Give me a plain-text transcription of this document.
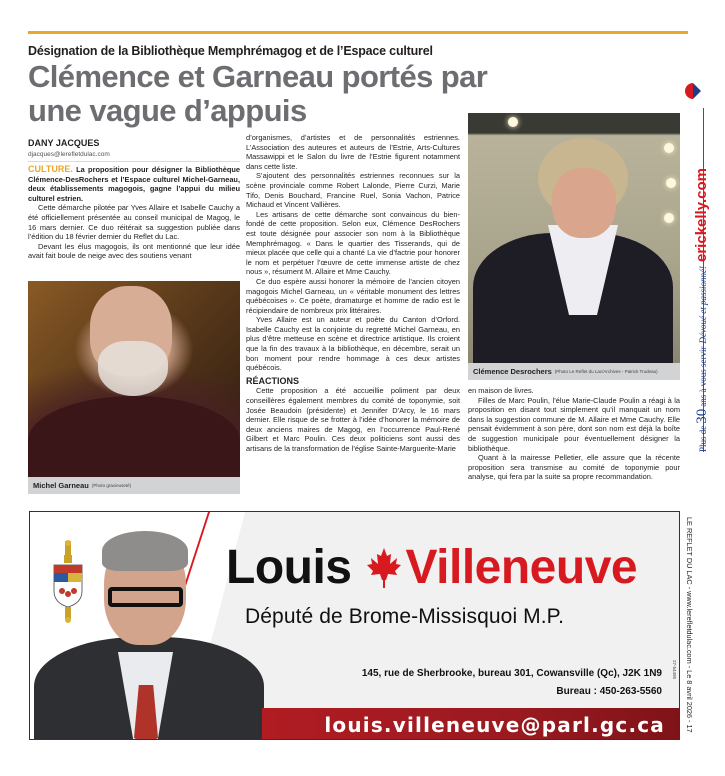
Désignation de la Bibliothèque Memphrémagog et de l’Espace culturel
Clémence et Garneau portés par une vague d’appuis
DANY JACQUES
djacques@lerefletdulac.com

CULTURE. La proposition pour désigner la Bibliothèque Clémence-DesRochers et l’Espace culturel Michel-Garneau, deux établissements magogois, gagne l’appui du milieu culturel estrien.

Cette démarche pilotée par Yves Allaire et Isabelle Cauchy a été officiellement présentée au conseil municipal de Magog, le 16 mars dernier. Ce duo réitérait sa suggestion publiée dans l’édition du 18 février dernier du Reflet du Lac.

Devant les élus magogois, ils ont mentionné que leur idée avait fait boule de neige avec des soutiens venant

Michel Garneau (Photo gracieuseté)

d’organismes, d’artistes et de personnalités estriennes. L’Association des auteures et auteurs de l’Estrie, Arts-Cultures Massawippi et le Salon du livre de l’Estrie figurent notamment dans cette liste.

S’ajoutent des personnalités estriennes reconnues sur la scène provinciale comme Robert Lalonde, Pierre Curzi, Marie Tifo, Denis Bouchard, Francine Ruel, Sonia Vachon, Patrice Michaud et Vincent Vallières.

Les artisans de cette démarche sont convaincus du bien-fondé de cette proposition. Selon eux, Clémence DesRochers est toute désignée pour associer son nom à la Bibliothèque Memphrémagog. « Dans le quartier des Tisserands, qui de mieux placée que celle qui a chanté La vie d’factrie pour honorer le nom et perpétuer l’œuvre de cette immense artiste de chez nous », résument M. Allaire et Mme Cauchy.

Ce duo espère aussi honorer la mémoire de l’ancien citoyen magogois Michel Garneau, un « véritable monument des lettres québécoises ». Ce poète, dramaturge et homme de radio est le récipiendaire de nombreux prix littéraires.

Yves Allaire est un auteur et poète du Canton d’Orford. Isabelle Cauchy est la conjointe du regretté Michel Garneau, en plus d’être metteuse en scène et directrice artistique. Ils croient que la fin des travaux à la bibliothèque, en décembre, serait un bon moment pour rendre hommage à ces deux artistes québécois.

RÉACTIONS

Cette proposition a été accueillie poliment par deux conseillères également membres du comité de toponymie, soit Josée Beaudoin (présidente) et Jennifer D’Arcy, le 16 mars dernier. Elle risque de se frotter à l’idée d’honorer la mémoire de deux anciens maires de Magog, en l’occurrence Paul-René Gilbert et Marc Poulin. Ces deux politiciens sont aussi des artisans de la transformation de l’église Sainte-Marguerite-Marie

Clémence Desrochers (Photo Le Reflet du Lac/Archives - Patrick Trudeau)

en maison de livres.

Filles de Marc Poulin, l’élue Marie-Claude Poulin a réagi à la proposition en disant tout simplement qu’il manquait un nom dans la suggestion commune de M. Allaire et Mme Cauchy. Elle pensait évidemment à son père, dont son nom est déjà la boîte de suggestion municipale pour éventuellement désigner la bibliothèque.

Quant à la mairesse Pelletier, elle assure que la récente proposition sera transmise au comité de toponymie pour analyse, qui fera par la suite sa propre recommandation.

Plus de
30
ans à vous servir
Dévoué et passionné!
erickelly.com
Louis Villeneuve
Député de Brome-Missisquoi M.P.
145, rue de Sherbrooke, bureau 301, Cowansville (Qc), J2K 1N9
Bureau : 450-263-5560
louis.villeneuve@parl.gc.ca
27-54495 LE REFLET DU LAC - www.lerefletdulac.com - Le 8 avril 2026 - 17
